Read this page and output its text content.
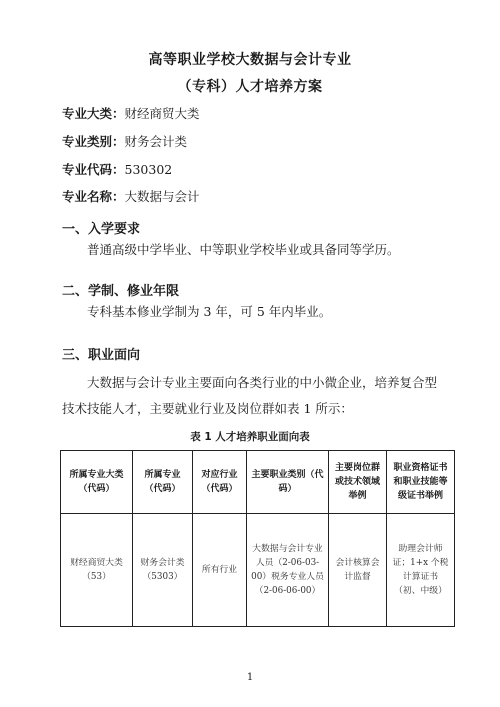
高等职业学校大数据与会计专业
（专科）人才培养方案
专业大类：财经商贸大类
专业类别：财务会计类
专业代码：530302
专业名称：大数据与会计
一、入学要求
普通高级中学毕业、中等职业学校毕业或具备同等学历。
二、学制、修业年限
专科基本修业学制为 3 年，可 5 年内毕业。
三、职业面向
大数据与会计专业主要面向各类行业的中小微企业，培养复合型技术技能人才，主要就业行业及岗位群如表 1 所示：
表 1 人才培养职业面向表
所属专业大类（代码）	所属专业（代码）	对应行业（代码）	主要职业类别（代码）	主要岗位群或技术领域举例	职业资格证书和职业技能等级证书举例
财经商贸大类（53）	财务会计类（5303）	所有行业	大数据与会计专业人员（2-06-03-00）税务专业人员（2-06-06-00）	会计核算会计监督	助理会计师证；1+x 个税计算证书（初、中级）
1
